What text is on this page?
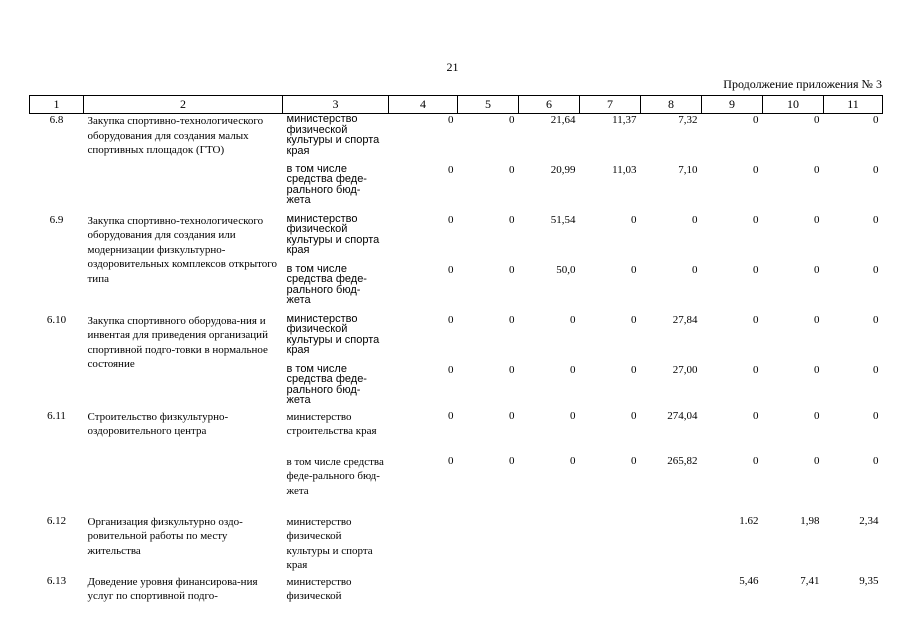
21
Продолжение приложения № 3
1	2	3	4	5	6	7	8	9	10	11
6.8	Закупка спортивно-технологического оборудования для создания малых спортивных площадок (ГТО)	министерство физической культуры и спорта края	0	0	21,64	11,37	7,32	0	0	0
		в том числе средства феде-рального бюд-жета	0	0	20,99	11,03	7,10	0	0	0
6.9	Закупка спортивно-технологического оборудования для создания или модернизации физкультурно-оздоровительных комплексов открытого типа	министерство физической культуры и спорта края	0	0	51,54	0	0	0	0	0
		в том числе средства феде-рального бюд-жета	0	0	50,0	0	0	0	0	0
6.10	Закупка спортивного оборудова-ния и инвентая для приведения организаций спортивной подго-товки в нормальное состояние	министерство физической культуры и спорта края	0	0	0	0	27,84	0	0	0
		в том числе средства феде-рального бюд-жета	0	0	0	0	27,00	0	0	0
6.11	Строительство физкультурно-оздоровительного центра	министерство строительства края	0	0	0	0	274,04	0	0	0
		в том числе средства феде-рального бюд-жета	0	0	0	0	265,82	0	0	0
6.12	Организация физкультурно оздо-ровительной работы по месту жительства	министерство физической культуры и спорта края						1.62	1,98	2,34
6.13	Доведение уровня финансирова-ния услуг по спортивной подго-	министерство физической						5,46	7,41	9,35
